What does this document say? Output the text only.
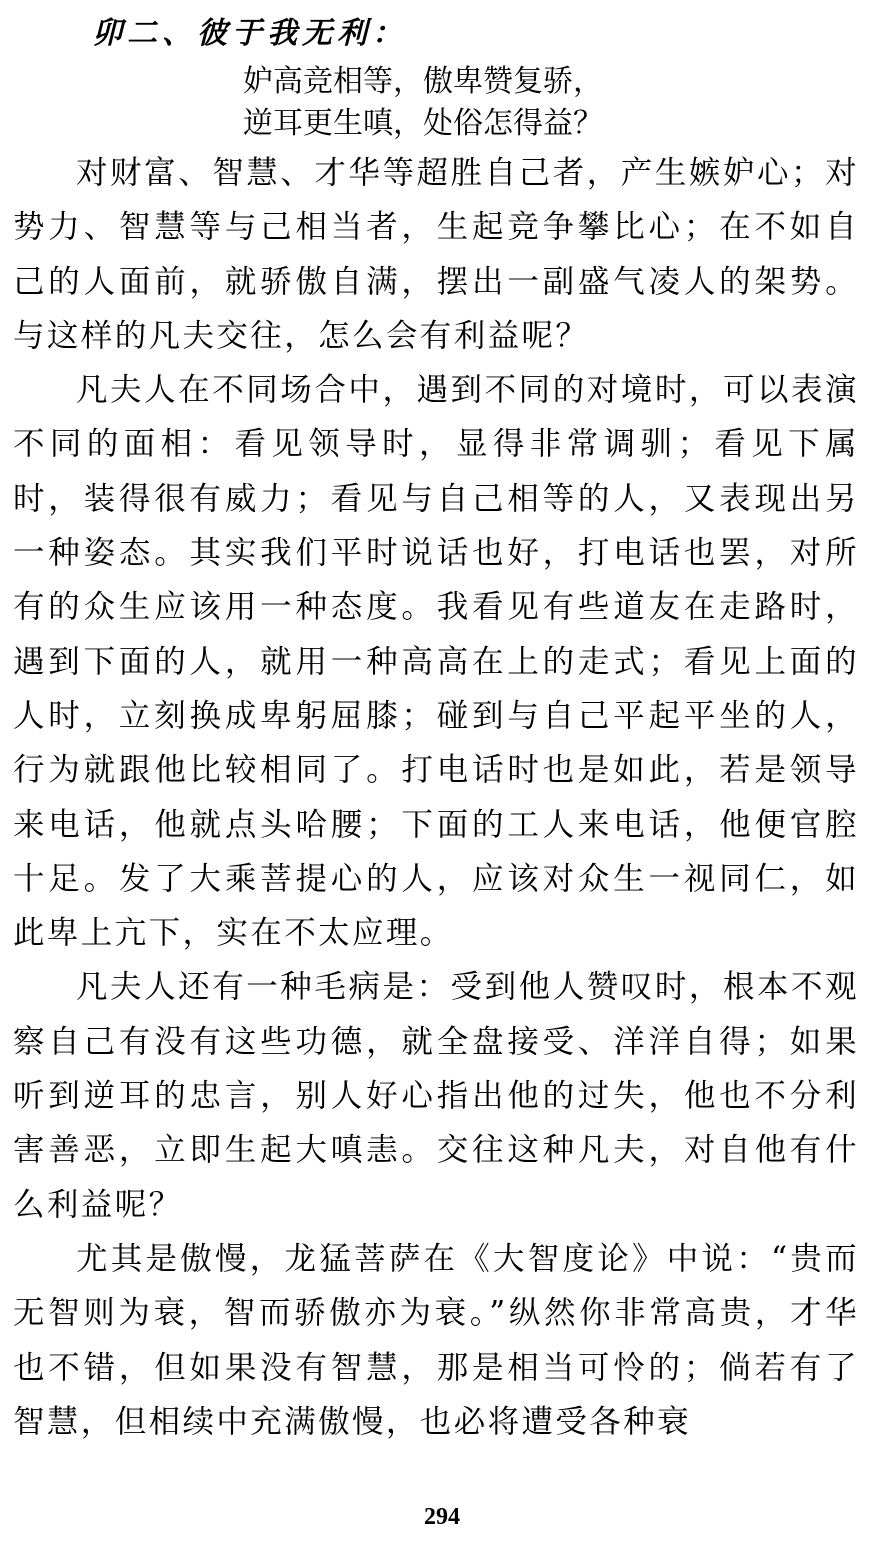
卯二、彼于我无利：
妒高竞相等，傲卑赞复骄，
逆耳更生嗔，处俗怎得益？

对财富、智慧、才华等超胜自己者，产生嫉妒心；对势力、智慧等与己相当者，生起竞争攀比心；在不如自己的人面前，就骄傲自满，摆出一副盛气凌人的架势。与这样的凡夫交往，怎么会有利益呢？

凡夫人在不同场合中，遇到不同的对境时，可以表演不同的面相：看见领导时，显得非常调驯；看见下属时，装得很有威力；看见与自己相等的人，又表现出另一种姿态。其实我们平时说话也好，打电话也罢，对所有的众生应该用一种态度。我看见有些道友在走路时，遇到下面的人，就用一种高高在上的走式；看见上面的人时，立刻换成卑躬屈膝；碰到与自己平起平坐的人，行为就跟他比较相同了。打电话时也是如此，若是领导来电话，他就点头哈腰；下面的工人来电话，他便官腔十足。发了大乘菩提心的人，应该对众生一视同仁，如此卑上亢下，实在不太应理。

凡夫人还有一种毛病是：受到他人赞叹时，根本不观察自己有没有这些功德，就全盘接受、洋洋自得；如果听到逆耳的忠言，别人好心指出他的过失，他也不分利害善恶，立即生起大嗔恚。交往这种凡夫，对自他有什么利益呢？

尤其是傲慢，龙猛菩萨在《大智度论》中说：“贵而无智则为衰，智而骄傲亦为衰。”纵然你非常高贵，才华也不错，但如果没有智慧，那是相当可怜的；倘若有了智慧，但相续中充满傲慢，也必将遭受各种衰

294
